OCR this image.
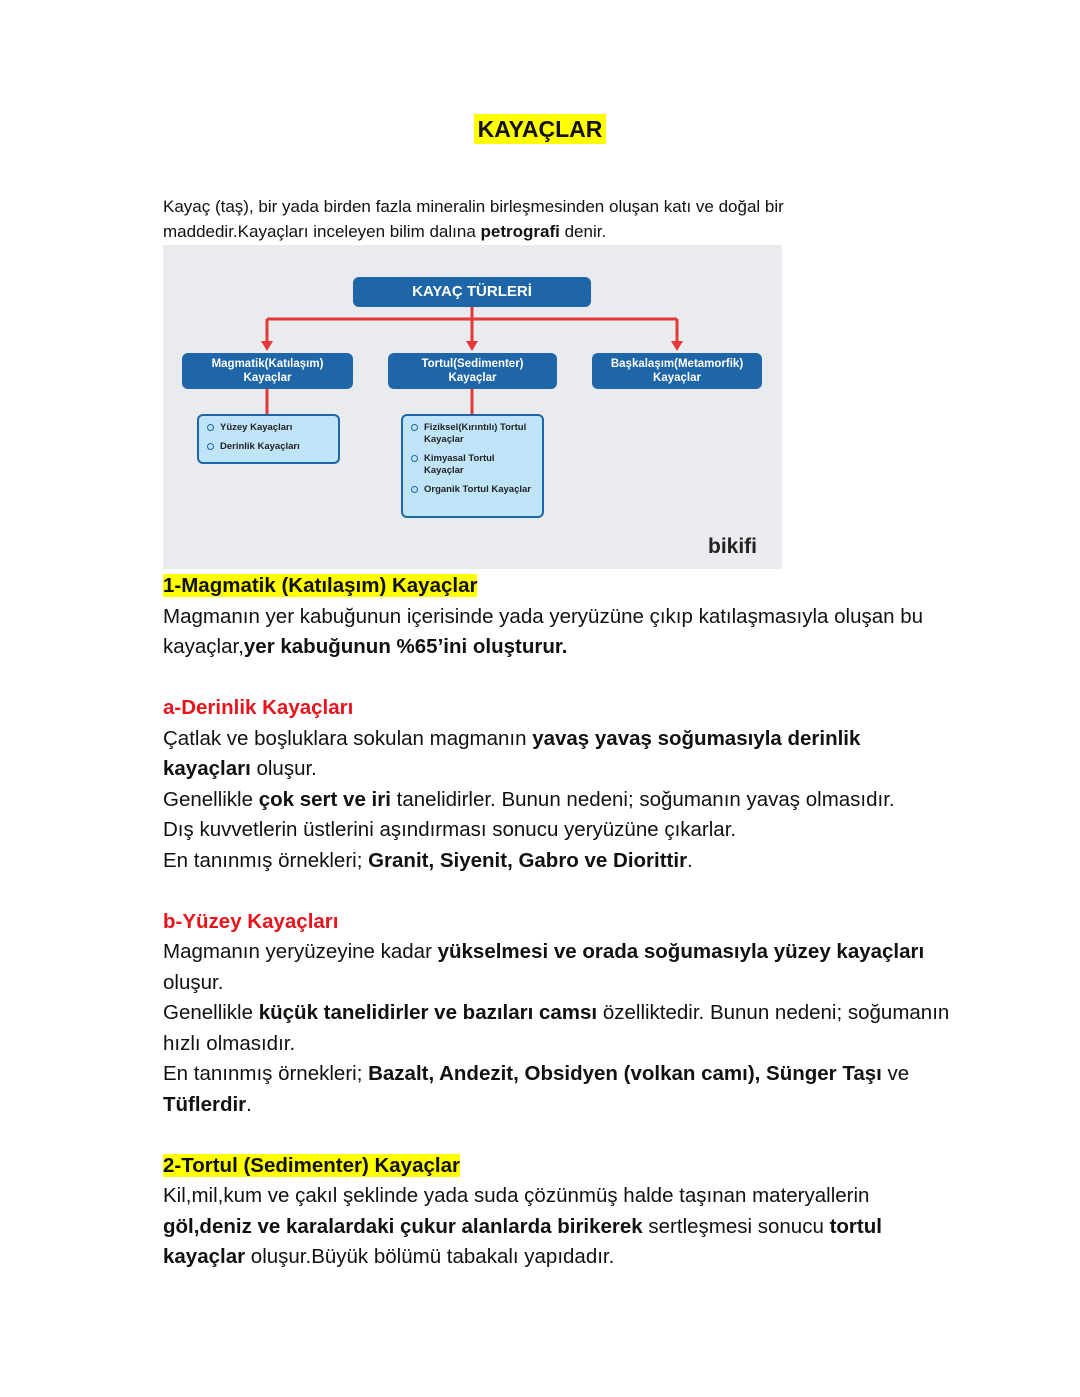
KAYAÇLAR
Kayaç (taş), bir yada birden fazla mineralin birleşmesinden oluşan katı ve doğal bir maddedir.Kayaçları inceleyen bilim dalına petrografi denir.
KAYAÇ TÜRLERİ
Magmatik(Katılaşım)
Kayaçlar
Tortul(Sedimenter)
Kayaçlar
Başkalaşım(Metamorfik)
Kayaçlar
Yüzey Kayaçları
Derinlik Kayaçları
Fiziksel(Kırıntılı) Tortul Kayaçlar
Kimyasal Tortul Kayaçlar
Organik Tortul Kayaçlar
bikifi

1-Magmatik (Katılaşım) Kayaçlar

Magmanın yer kabuğunun içerisinde yada yeryüzüne çıkıp katılaşmasıyla oluşan bu kayaçlar,yer kabuğunun %65’ini oluşturur.

a-Derinlik Kayaçları

Çatlak ve boşluklara sokulan magmanın yavaş yavaş soğumasıyla derinlik kayaçları oluşur.

Genellikle çok sert ve iri tanelidirler. Bunun nedeni; soğumanın yavaş olmasıdır.

Dış kuvvetlerin üstlerini aşındırması sonucu yeryüzüne çıkarlar.

En tanınmış örnekleri; Granit, Siyenit, Gabro ve Diorittir.

b-Yüzey Kayaçları

Magmanın yeryüzeyine kadar yükselmesi ve orada soğumasıyla yüzey kayaçları oluşur.

Genellikle küçük tanelidirler ve bazıları camsı özelliktedir. Bunun nedeni; soğumanın hızlı olmasıdır.

En tanınmış örnekleri; Bazalt, Andezit, Obsidyen (volkan camı), Sünger Taşı ve Tüflerdir.

2-Tortul (Sedimenter) Kayaçlar

Kil,mil,kum ve çakıl şeklinde yada suda çözünmüş halde taşınan materyallerin göl,deniz ve karalardaki çukur alanlarda birikerek sertleşmesi sonucu tortul kayaçlar oluşur.Büyük bölümü tabakalı yapıdadır.
